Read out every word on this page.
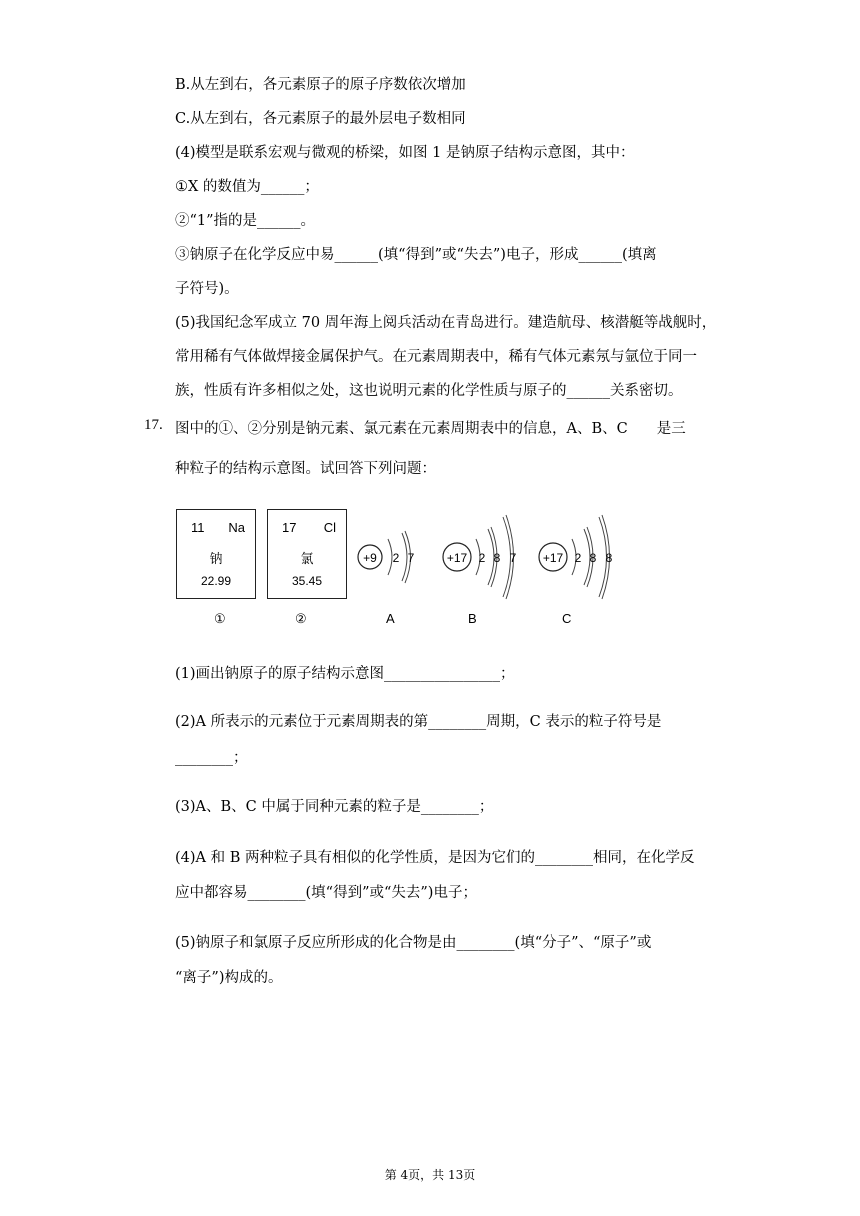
B.从左到右，各元素原子的原子序数依次增加
C.从左到右，各元素原子的最外层电子数相同
(4)模型是联系宏观与微观的桥梁，如图 1 是钠原子结构示意图，其中：
①X 的数值为______；
②“1”指的是______。
③钠原子在化学反应中易______(填“得到”或“失去”)电子，形成______(填离
子符号)。
(5)我国纪念军成立 70 周年海上阅兵活动在青岛进行。建造航母、核潜艇等战舰时，
常用稀有气体做焊接金属保护气。在元素周期表中，稀有气体元素氖与氩位于同一
族，性质有许多相似之处，这也说明元素的化学性质与原子的______关系密切。
17. 图中的①、②分别是钠元素、氯元素在元素周期表中的信息，A、B、C　　是三
种粒子的结构示意图。试回答下列问题：
11 Na
钠
22.99
17 Cl
氯
35.45
①	②
+9 2 7
A
+17 2 8 7
B
+17 2 8 8
C
(1)画出钠原子的原子结构示意图________________；
(2)A 所表示的元素位于元素周期表的第________周期，C 表示的粒子符号是
________；
(3)A、B、C 中属于同种元素的粒子是________；
(4)A 和 B 两种粒子具有相似的化学性质，是因为它们的________相同，在化学反
应中都容易________(填“得到”或“失去”)电子；
(5)钠原子和氯原子反应所形成的化合物是由________(填“分子”、“原子”或
“离子”)构成的。
第 4页，共 13页
